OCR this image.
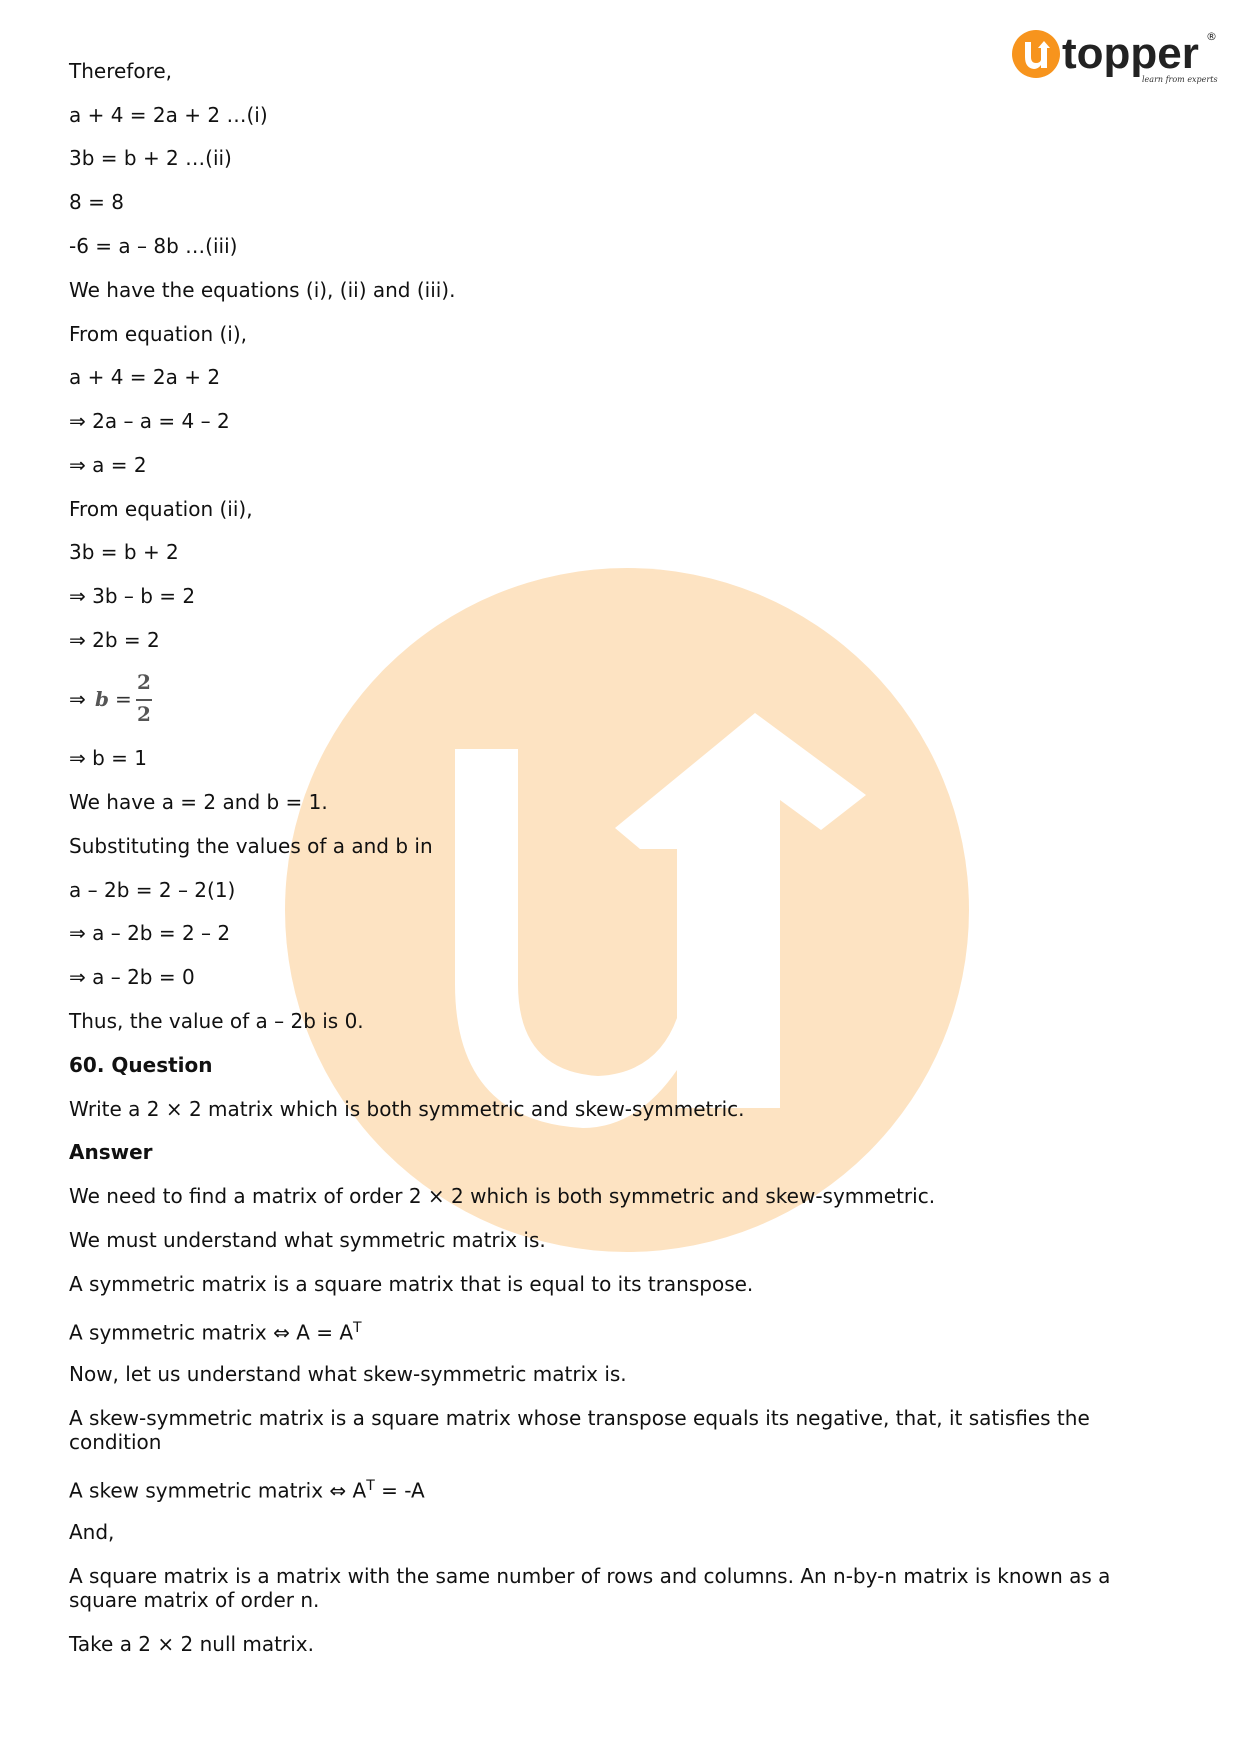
topper ®
learn from experts
Therefore,
a + 4 = 2a + 2 …(i)
3b = b + 2 …(ii)
8 = 8
-6 = a – 8b …(iii)
We have the equations (i), (ii) and (iii).
From equation (i),
a + 4 = 2a + 2
⇒ 2a – a = 4 – 2
⇒ a = 2
From equation (ii),
3b = b + 2
⇒ 3b – b = 2
⇒ 2b = 2
⇒ b =
2
2
⇒ b = 1
We have a = 2 and b = 1.
Substituting the values of a and b in
a – 2b = 2 – 2(1)
⇒ a – 2b = 2 – 2
⇒ a – 2b = 0
Thus, the value of a – 2b is 0.
60. Question
Write a 2 × 2 matrix which is both symmetric and skew-symmetric.
Answer
We need to find a matrix of order 2 × 2 which is both symmetric and skew-symmetric.
We must understand what symmetric matrix is.
A symmetric matrix is a square matrix that is equal to its transpose.
A symmetric matrix ⇔ $A = A^T$
Now, let us understand what skew-symmetric matrix is.
A skew-symmetric matrix is a square matrix whose transpose equals its negative, that, it satisfies the condition
A skew symmetric matrix ⇔ $A^T = -A$
And,
A square matrix is a matrix with the same number of rows and columns. An n-by-n matrix is known as a square matrix of order n.
Take a 2 × 2 null matrix.
